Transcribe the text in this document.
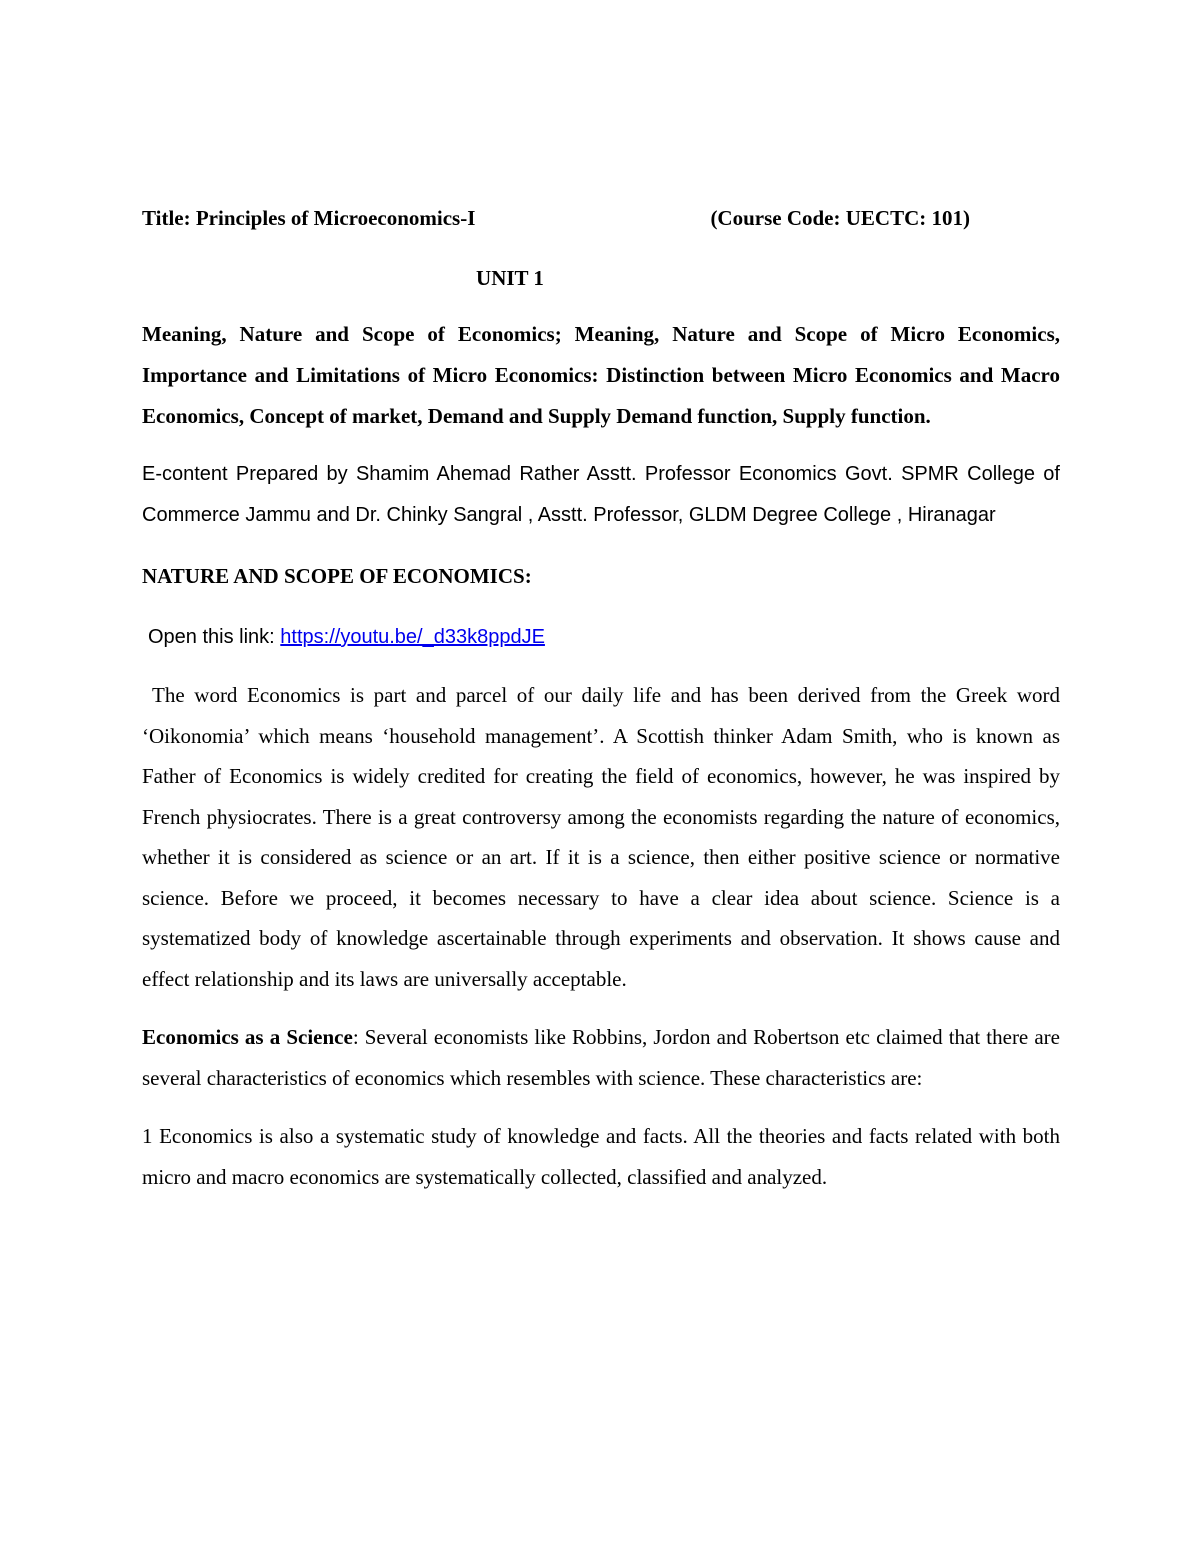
Title: Principles of Microeconomics-I	(Course Code: UECTC: 101)
UNIT 1
Meaning, Nature and Scope of Economics; Meaning, Nature and Scope of Micro Economics, Importance and Limitations of Micro Economics: Distinction between Micro Economics and Macro Economics, Concept of market, Demand and Supply Demand function, Supply function.
E-content Prepared by Shamim Ahemad Rather Asstt. Professor Economics Govt. SPMR College of Commerce Jammu and Dr. Chinky Sangral , Asstt. Professor, GLDM Degree College , Hiranagar
NATURE AND SCOPE OF ECONOMICS:
Open this link: https://youtu.be/_d33k8ppdJE
The word Economics is part and parcel of our daily life and has been derived from the Greek word ‘Oikonomia’ which means ‘household management’. A Scottish thinker Adam Smith, who is known as Father of Economics is widely credited for creating the field of economics, however, he was inspired by French physiocrates. There is a great controversy among the economists regarding the nature of economics, whether it is considered as science or an art. If it is a science, then either positive science or normative science. Before we proceed, it becomes necessary to have a clear idea about science. Science is a systematized body of knowledge ascertainable through experiments and observation. It shows cause and effect relationship and its laws are universally acceptable.
Economics as a Science: Several economists like Robbins, Jordon and Robertson etc claimed that there are several characteristics of economics which resembles with science. These characteristics are:
1 Economics is also a systematic study of knowledge and facts. All the theories and facts related with both micro and macro economics are systematically collected, classified and analyzed.
